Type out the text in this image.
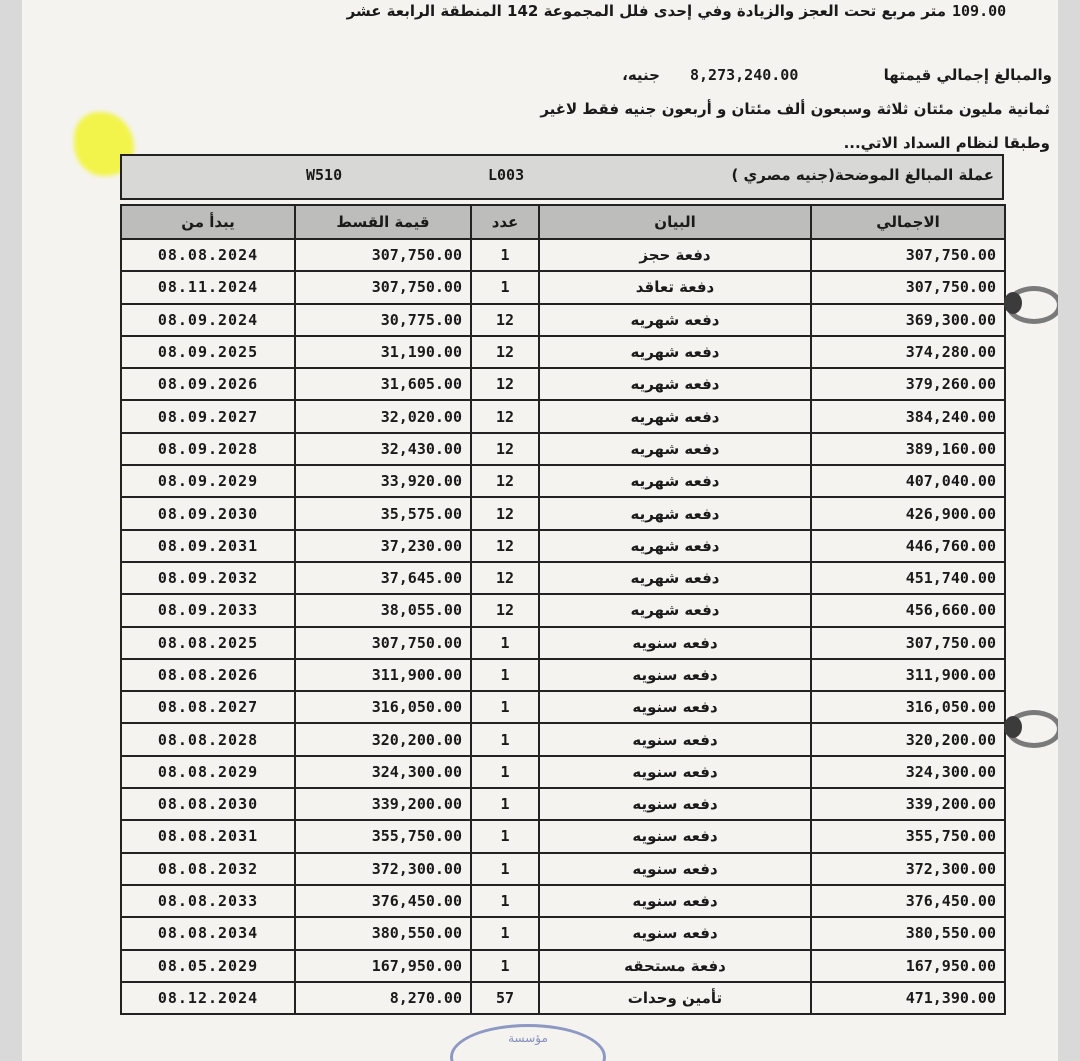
109.00
متر مربع تحت العجز والزيادة وفي إحدى فلل المجموعة 142 المنطقة الرابعة عشر
والمبالغ إجمالي قيمتها
8,273,240.00
جنيه،
ثمانية مليون مئتان ثلاثة وسبعون ألف مئتان و أربعون جنيه فقط لاغير
وطبقا لنظام السداد الاتي...
عملة المبالغ الموضحة(جنيه مصري )
L003
W510
يبدأ من	قيمة القسط	عدد	البيان	الاجمالي
08.08.2024	307,750.00	1	دفعة حجز	307,750.00
08.11.2024	307,750.00	1	دفعة تعاقد	307,750.00
08.09.2024	30,775.00	12	دفعه شهريه	369,300.00
08.09.2025	31,190.00	12	دفعه شهريه	374,280.00
08.09.2026	31,605.00	12	دفعه شهريه	379,260.00
08.09.2027	32,020.00	12	دفعه شهريه	384,240.00
08.09.2028	32,430.00	12	دفعه شهريه	389,160.00
08.09.2029	33,920.00	12	دفعه شهريه	407,040.00
08.09.2030	35,575.00	12	دفعه شهريه	426,900.00
08.09.2031	37,230.00	12	دفعه شهريه	446,760.00
08.09.2032	37,645.00	12	دفعه شهريه	451,740.00
08.09.2033	38,055.00	12	دفعه شهريه	456,660.00
08.08.2025	307,750.00	1	دفعه سنويه	307,750.00
08.08.2026	311,900.00	1	دفعه سنويه	311,900.00
08.08.2027	316,050.00	1	دفعه سنويه	316,050.00
08.08.2028	320,200.00	1	دفعه سنويه	320,200.00
08.08.2029	324,300.00	1	دفعه سنويه	324,300.00
08.08.2030	339,200.00	1	دفعه سنويه	339,200.00
08.08.2031	355,750.00	1	دفعه سنويه	355,750.00
08.08.2032	372,300.00	1	دفعه سنويه	372,300.00
08.08.2033	376,450.00	1	دفعه سنويه	376,450.00
08.08.2034	380,550.00	1	دفعه سنويه	380,550.00
08.05.2029	167,950.00	1	دفعة مستحقه	167,950.00
08.12.2024	8,270.00	57	تأمين وحدات	471,390.00
مؤسسة
